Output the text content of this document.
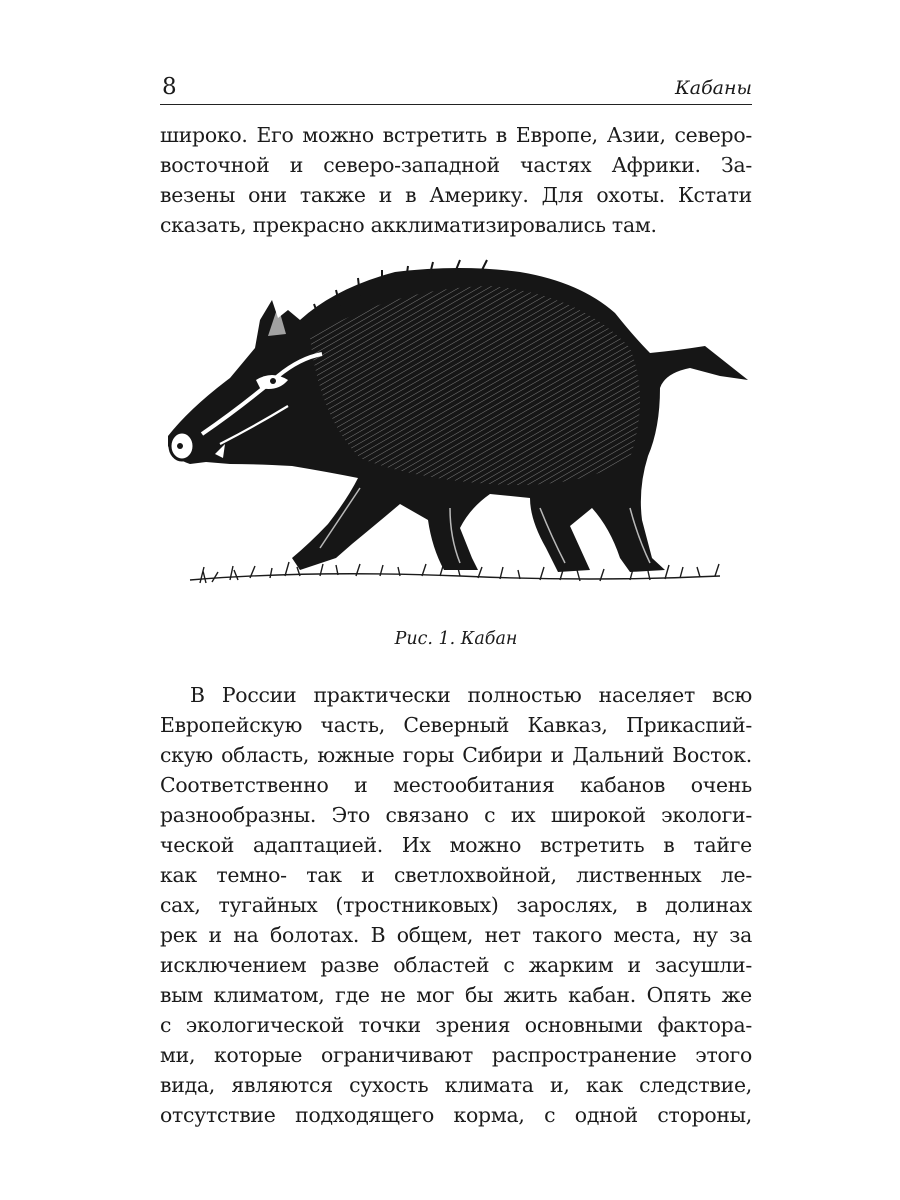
8	Кабаны

широко. Его можно встретить в Европе, Азии, северо-

восточной и северо-западной частях Африки. За-

везены они также и в Америку. Для охоты. Кстати

сказать, прекрасно акклиматизировались там.

Рис. 1. Кабан

В России практически полностью населяет всю

Европейскую часть, Северный Кавказ, Прикаспий-

скую область, южные горы Сибири и Дальний Восток.

Соответственно и местообитания кабанов очень

разнообразны. Это связано с их широкой экологи-

ческой адаптацией. Их можно встретить в тайге

как темно- так и светлохвойной, лиственных ле-

сах, тугайных (тростниковых) зарослях, в долинах

рек и на болотах. В общем, нет такого места, ну за

исключением разве областей с жарким и засушли-

вым климатом, где не мог бы жить кабан. Опять же

с экологической точки зрения основными фактора-

ми, которые ограничивают распространение этого

вида, являются сухость климата и, как следствие,

отсутствие подходящего корма, с одной стороны,
